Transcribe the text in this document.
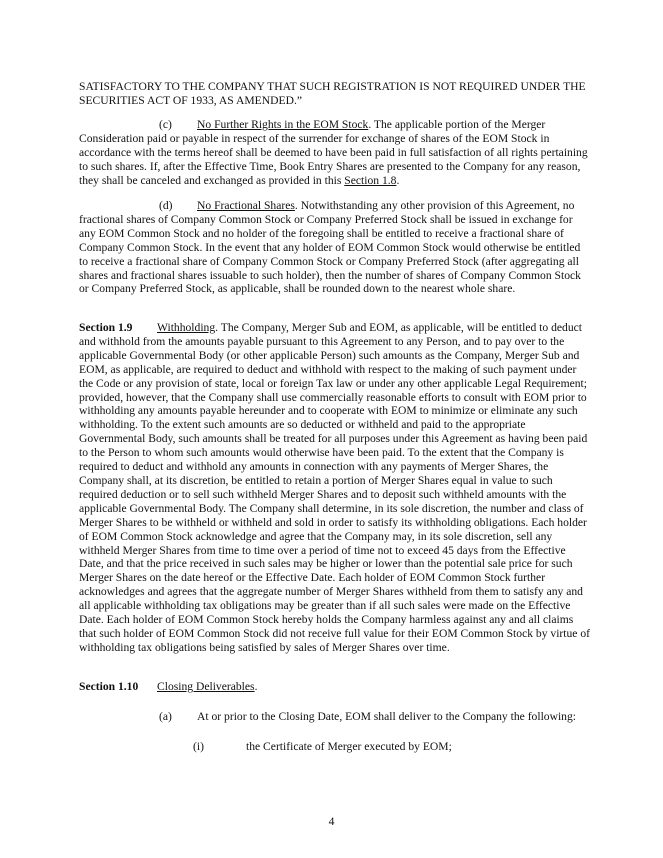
SATISFACTORY TO THE COMPANY THAT SUCH REGISTRATION IS NOT REQUIRED UNDER THE SECURITIES ACT OF 1933, AS AMENDED.”

(c) No Further Rights in the EOM Stock. The applicable portion of the Merger Consideration paid or payable in respect of the surrender for exchange of shares of the EOM Stock in accordance with the terms hereof shall be deemed to have been paid in full satisfaction of all rights pertaining to such shares. If, after the Effective Time, Book Entry Shares are presented to the Company for any reason, they shall be canceled and exchanged as provided in this Section 1.8.

(d) No Fractional Shares. Notwithstanding any other provision of this Agreement, no fractional shares of Company Common Stock or Company Preferred Stock shall be issued in exchange for any EOM Common Stock and no holder of the foregoing shall be entitled to receive a fractional share of Company Common Stock. In the event that any holder of EOM Common Stock would otherwise be entitled to receive a fractional share of Company Common Stock or Company Preferred Stock (after aggregating all shares and fractional shares issuable to such holder), then the number of shares of Company Common Stock or Company Preferred Stock, as applicable, shall be rounded down to the nearest whole share.

Section 1.9 Withholding. The Company, Merger Sub and EOM, as applicable, will be entitled to deduct and withhold from the amounts payable pursuant to this Agreement to any Person, and to pay over to the applicable Governmental Body (or other applicable Person) such amounts as the Company, Merger Sub and EOM, as applicable, are required to deduct and withhold with respect to the making of such payment under the Code or any provision of state, local or foreign Tax law or under any other applicable Legal Requirement; provided, however, that the Company shall use commercially reasonable efforts to consult with EOM prior to withholding any amounts payable hereunder and to cooperate with EOM to minimize or eliminate any such withholding. To the extent such amounts are so deducted or withheld and paid to the appropriate Governmental Body, such amounts shall be treated for all purposes under this Agreement as having been paid to the Person to whom such amounts would otherwise have been paid. To the extent that the Company is required to deduct and withhold any amounts in connection with any payments of Merger Shares, the Company shall, at its discretion, be entitled to retain a portion of Merger Shares equal in value to such required deduction or to sell such withheld Merger Shares and to deposit such withheld amounts with the applicable Governmental Body. The Company shall determine, in its sole discretion, the number and class of Merger Shares to be withheld or withheld and sold in order to satisfy its withholding obligations. Each holder of EOM Common Stock acknowledge and agree that the Company may, in its sole discretion, sell any withheld Merger Shares from time to time over a period of time not to exceed 45 days from the Effective Date, and that the price received in such sales may be higher or lower than the potential sale price for such Merger Shares on the date hereof or the Effective Date. Each holder of EOM Common Stock further acknowledges and agrees that the aggregate number of Merger Shares withheld from them to satisfy any and all applicable withholding tax obligations may be greater than if all such sales were made on the Effective Date. Each holder of EOM Common Stock hereby holds the Company harmless against any and all claims that such holder of EOM Common Stock did not receive full value for their EOM Common Stock by virtue of withholding tax obligations being satisfied by sales of Merger Shares over time.

Section 1.10 Closing Deliverables.

(a) At or prior to the Closing Date, EOM shall deliver to the Company the following:

(i)	the Certificate of Merger executed by EOM;

4
